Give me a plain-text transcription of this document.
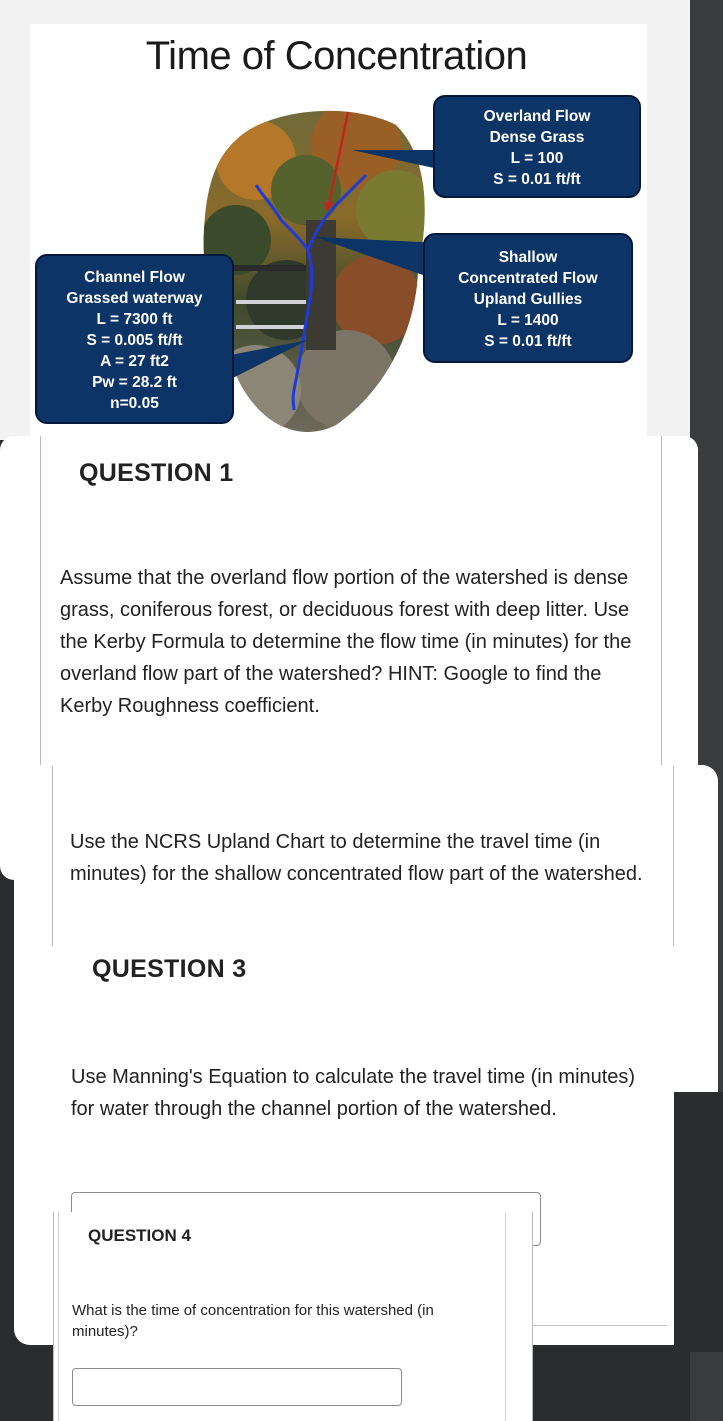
Time of Concentration
Overland Flow
Dense Grass
L = 100
S = 0.01 ft/ft
Shallow
Concentrated Flow
Upland Gullies
L = 1400
S = 0.01 ft/ft
Channel Flow
Grassed waterway
L = 7300 ft
S = 0.005 ft/ft
A = 27 ft2
Pw = 28.2 ft
n=0.05
QUESTION 1
Assume that the overland flow portion of the watershed is dense grass, coniferous forest, or deciduous forest with deep litter. Use the Kerby Formula to determine the flow time (in minutes) for the overland flow part of the watershed? HINT: Google to find the Kerby Roughness coefficient.
Use the NCRS Upland Chart to determine the travel time (in minutes) for the shallow concentrated flow part of the watershed.
QUESTION 3
Use Manning's Equation to calculate the travel time (in minutes) for water through the channel portion of the watershed.
QUESTION 4
What is the time of concentration for this watershed (in minutes)?
